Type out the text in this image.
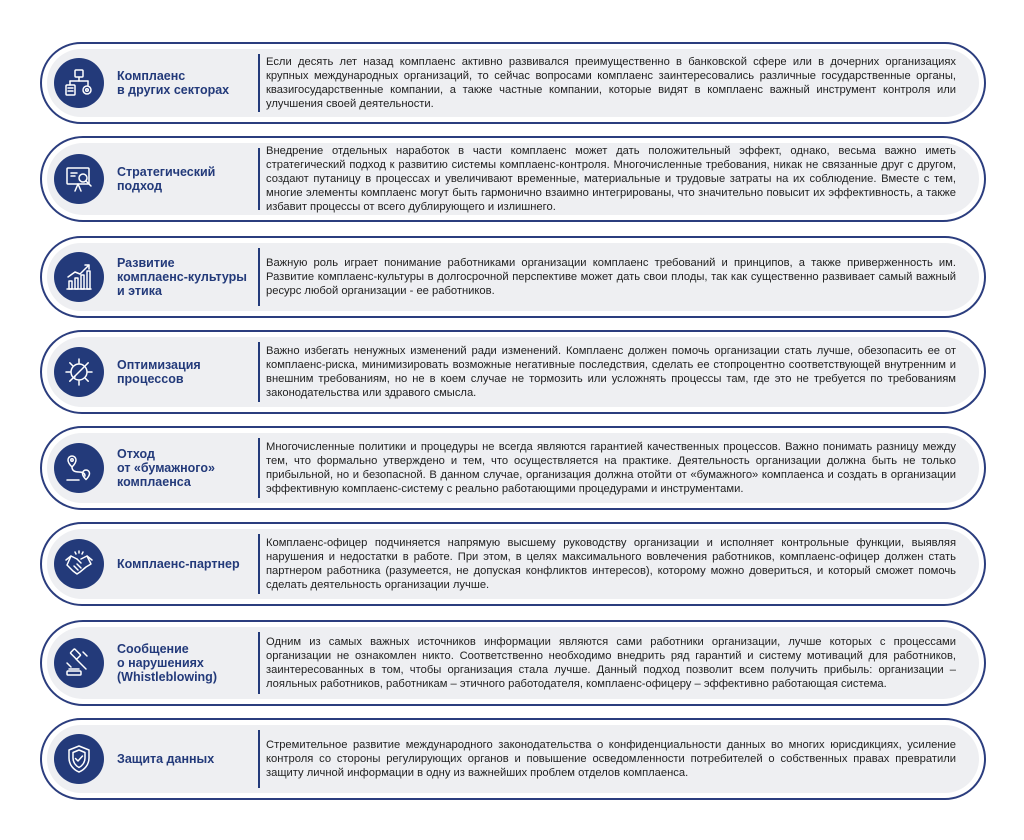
Комплаенс
в других секторах
Если десять лет назад комплаенс активно развивался преимущественно в банковской сфере или в дочерних организациях крупных международных организаций, то сейчас вопросами комплаенс заинтересовались различные государственные органы, квазигосударственные компании, а также частные компании, которые видят в комплаенс важный инструмент контроля или улучшения своей деятельности.
Стратегический
подход
Внедрение отдельных наработок в части комплаенс может дать положительный эффект, однако, весьма важно иметь стратегический подход к развитию системы комплаенс-контроля. Многочисленные требования, никак не связанные друг с другом, создают путаницу в процессах и увеличивают временные, материальные и трудовые затраты на их соблюдение. Вместе с тем, многие элементы комплаенс могут быть гармонично взаимно интегрированы, что значительно повысит их эффективность, а также избавит процессы от всего дублирующего и излишнего.
Развитие
комплаенс-культуры
и этика
Важную роль играет понимание работниками организации комплаенс требований и принципов, а также приверженность им. Развитие комплаенс-культуры в долгосрочной перспективе может дать свои плоды, так как существенно развивает самый важный ресурс любой организации - ее работников.
Оптимизация
процессов
Важно избегать ненужных изменений ради изменений. Комплаенс должен помочь организации стать лучше, обезопасить ее от комплаенс-риска, минимизировать возможные негативные последствия, сделать ее стопроцентно соответствующей внутренним и внешним требованиям, но не в коем случае не тормозить или усложнять процессы там, где это не требуется по требованиям законодательства или здравого смысла.
Отход
от «бумажного»
комплаенса
Многочисленные политики и процедуры не всегда являются гарантией качественных процессов. Важно понимать разницу между тем, что формально утверждено и тем, что осуществляется на практике. Деятельность организации должна быть не только прибыльной, но и безопасной. В данном случае, организация должна отойти от «бумажного» комплаенса и создать в организации эффективную комплаенс-систему с реально работающими процедурами и инструментами.
Комплаенс-партнер
Комплаенс-офицер подчиняется напрямую высшему руководству организации и исполняет контрольные функции, выявляя нарушения и недостатки в работе. При этом, в целях максимального вовлечения работников, комплаенс-офицер должен стать партнером работника (разумеется, не допуская конфликтов интересов), которому можно довериться, и который сможет помочь сделать деятельность организации лучше.
Сообщение
о нарушениях
(Whistleblowing)
Одним из самых важных источников информации являются сами работники организации, лучше которых с процессами организации не ознакомлен никто. Соответственно необходимо внедрить ряд гарантий и систему мотиваций для работников, заинтересованных в том, чтобы организация стала лучше. Данный подход позволит всем получить прибыль: организации – лояльных работников, работникам – этичного работодателя, комплаенс-офицеру – эффективно работающая система.
Защита данных
Стремительное развитие международного законодательства о конфиденциальности данных во многих юрисдикциях, усиление контроля со стороны регулирующих органов и повышение осведомленности потребителей о собственных правах превратили защиту личной информации в одну из важнейших проблем отделов комплаенса.
